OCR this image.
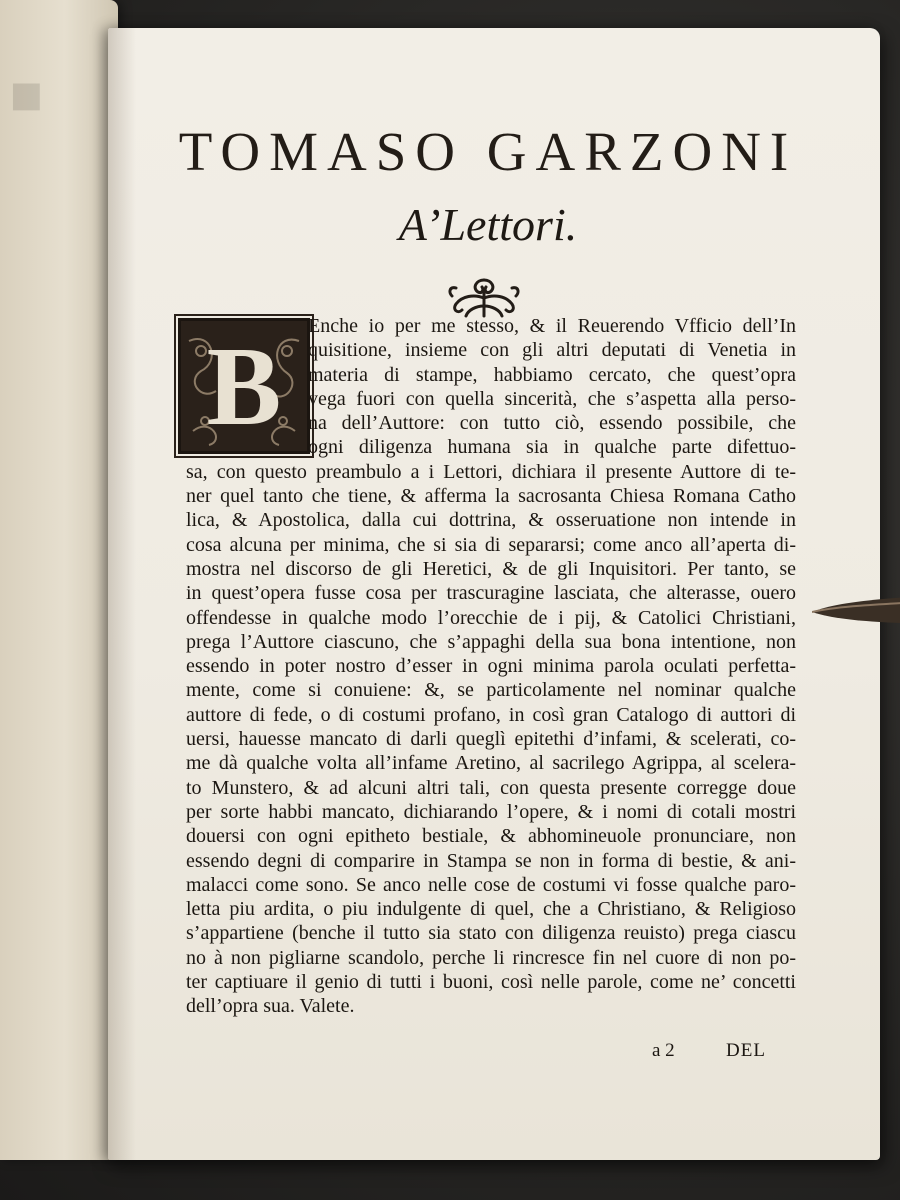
▪
TOMASO GARZONI
A’Lettori.
B	Enche io per me stesso, & il Reuerendo Vfficio dell’In
quisitione, insieme con gli altri deputati di Venetia in
materia di stampe, habbiamo cercato, che quest’opra
vega fuori con quella sincerità, che s’aspetta alla perso-
na dell’Auttore: con tutto ciò, essendo possibile, che
ogni diligenza humana sia in qualche parte difettuo-
sa, con questo preambulo a i Lettori, dichiara il presente Auttore di te-
ner quel tanto che tiene, & afferma la sacrosanta Chiesa Romana Catho
lica, & Apostolica, dalla cui dottrina, & osseruatione non intende in
cosa alcuna per minima, che si sia di separarsi; come anco all’aperta di-
mostra nel discorso de gli Heretici, & de gli Inquisitori. Per tanto, se
in quest’opera fusse cosa per trascuragine lasciata, che alterasse, ouero
offendesse in qualche modo l’orecchie de i pij, & Catolici Christiani,
prega l’Auttore ciascuno, che s’appaghi della sua bona intentione, non
essendo in poter nostro d’esser in ogni minima parola oculati perfetta-
mente, come si conuiene: &, se particolamente nel nominar qualche
auttore di fede, o di costumi profano, in così gran Catalogo di auttori di
uersi, hauesse mancato di darli queglì epitethi d’infami, & scelerati, co-
me dà qualche volta all’infame Aretino, al sacrilego Agrippa, al scelera-
to Munstero, & ad alcuni altri tali, con questa presente corregge doue
per sorte habbi mancato, dichiarando l’opere, & i nomi di cotali mostri
douersi con ogni epitheto bestiale, & abhomineuole pronunciare, non
essendo degni di comparire in Stampa se non in forma di bestie, & ani-
malacci come sono. Se anco nelle cose de costumi vi fosse qualche paro-
letta piu ardita, o piu indulgente di quel, che a Christiano, & Religioso
s’appartiene (benche il tutto sia stato con diligenza reuisto) prega ciascu
no à non pigliarne scandolo, perche li rincresce fin nel cuore di non po-
ter captiuare il genio di tutti i buoni, così nelle parole, come ne’ concetti
dell’opra sua. Valete.
a 2	DEL
